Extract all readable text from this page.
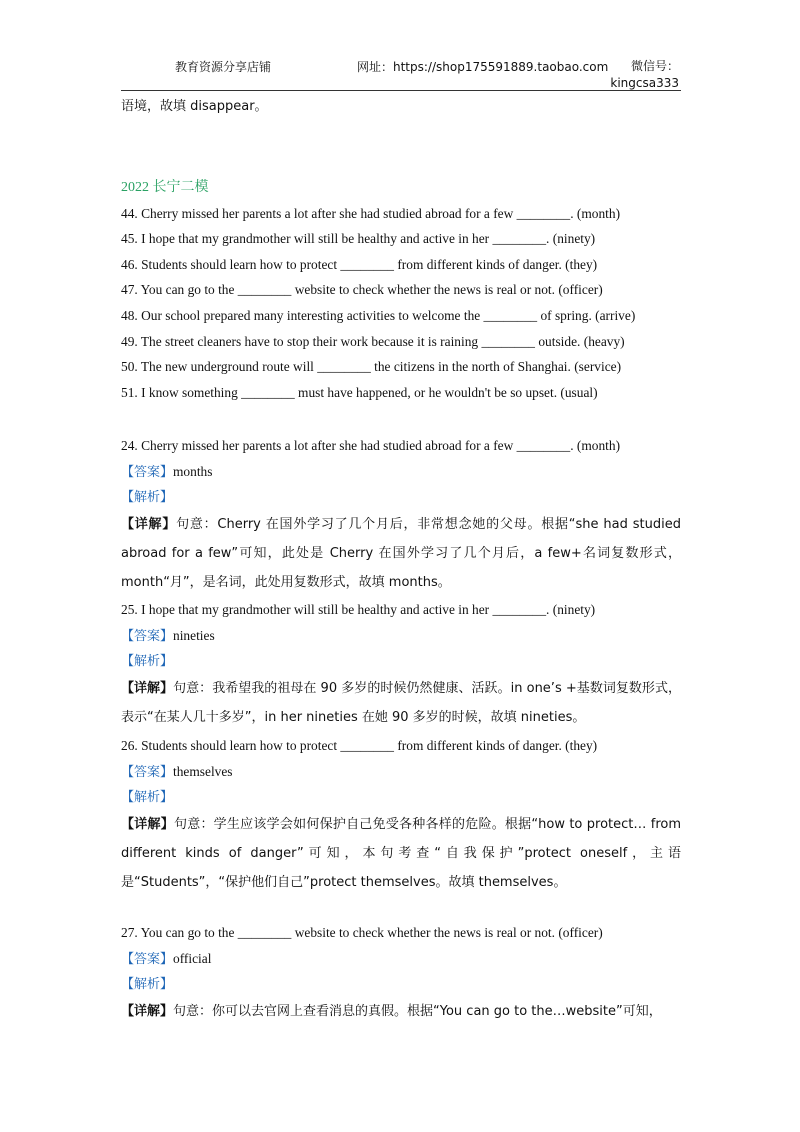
教育资源分享店铺	网址：https://shop175591889.taobao.com	微信号：
kingcsa333
语境，故填 disappear。
2022 长宁二模
44. Cherry missed her parents a lot after she had studied abroad for a few ________. (month)
45. I hope that my grandmother will still be healthy and active in her ________. (ninety)
46. Students should learn how to protect ________ from different kinds of danger. (they)
47. You can go to the ________ website to check whether the news is real or not. (officer)
48. Our school prepared many interesting activities to welcome the ________ of spring. (arrive)
49. The street cleaners have to stop their work because it is raining ________ outside. (heavy)
50. The new underground route will ________ the citizens in the north of Shanghai. (service)
51. I know something ________ must have happened, or he wouldn't be so upset. (usual)
24. Cherry missed her parents a lot after she had studied abroad for a few ________. (month)
【答案】months
【解析】
【详解】句意：Cherry 在国外学习了几个月后，非常想念她的父母。根据“she had studied abroad for a few”可知，此处是 Cherry 在国外学习了几个月后，a few+名词复数形式，month“月”，是名词，此处用复数形式，故填 months。
25. I hope that my grandmother will still be healthy and active in her ________. (ninety)
【答案】nineties
【解析】
【详解】句意：我希望我的祖母在 90 多岁的时候仍然健康、活跃。in one’s +基数词复数形式，表示“在某人几十多岁”，in her nineties 在她 90 多岁的时候，故填 nineties。
26. Students should learn how to protect ________ from different kinds of danger. (they)
【答案】themselves
【解析】
【详解】句意：学生应该学会如何保护自己免受各种各样的危险。根据“how to protect… from different kinds of danger”可知，本句考查“自我保护”protect oneself，主语是“Students”，“保护他们自己”protect themselves。故填 themselves。
27. You can go to the ________ website to check whether the news is real or not. (officer)
【答案】official
【解析】
【详解】句意：你可以去官网上查看消息的真假。根据“You can go to the…website”可知，
